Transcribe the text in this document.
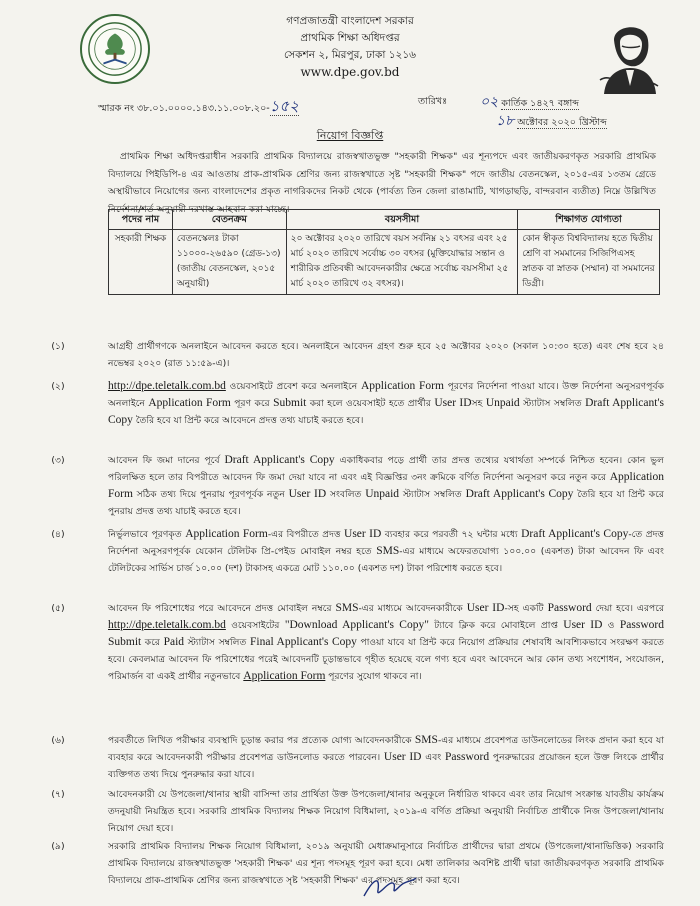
গণপ্রজাতন্ত্রী বাংলাদেশ সরকার
প্রাথমিক শিক্ষা অধিদপ্তর
সেকশন ২, মিরপুর, ঢাকা ১২১৬
www.dpe.gov.bd
স্মারক নং ৩৮.০১.০০০০.১৪৩.১১.০০৮.২০-১৫২	তারিখঃ ০২ কার্তিক ১৪২৭ বঙ্গাব্দ
১৮ অক্টোবর ২০২০ খ্রিস্টাব্দ
নিয়োগ বিজ্ঞপ্তি
প্রাথমিক শিক্ষা অধিদপ্তরাধীন সরকারি প্রাথমিক বিদ্যালয়ে রাজস্বখাতভুক্ত "সহকারী শিক্ষক" এর শূন্যপদে এবং জাতীয়করণকৃত সরকারি প্রাথমিক বিদ্যালয়ে পিইডিপি-৪ এর আওতায় প্রাক-প্রাথমিক শ্রেণির জন্য রাজস্বখাতে সৃষ্ট "সহকারী শিক্ষক" পদে জাতীয় বেতনস্কেল, ২০১৫-এর ১৩তম গ্রেডে অস্থায়ীভাবে নিয়োগের জন্য বাংলাদেশের প্রকৃত নাগরিকদের নিকট থেকে (পার্বত্য তিন জেলা রাঙামাটি, খাগড়াছড়ি, বান্দরবান ব্যতীত) নিম্নে উল্লিখিত নির্দেশনা/শর্ত অনুযায়ী দরখাস্ত আহবান করা যাচ্ছে।
পদের নাম	বেতনক্রম	বয়সসীমা	শিক্ষাগত যোগ্যতা
সহকারী শিক্ষক	বেতনস্কেলঃ টাকা ১১০০০-২৬৫৯০ (গ্রেড-১৩) (জাতীয় বেতনস্কেল, ২০১৫ অনুযায়ী)	২০ অক্টোবর ২০২০ তারিখে বয়স সর্বনিম্ন ২১ বৎসর এবং ২৫ মার্চ ২০২০ তারিখে সর্বোচ্চ ৩০ বৎসর (মুক্তিযোদ্ধার সন্তান ও শারীরিক প্রতিবন্ধী আবেদনকারীর ক্ষেত্রে সর্বোচ্চ বয়সসীমা ২৫ মার্চ ২০২০ তারিখে ৩২ বৎসর)।	কোন স্বীকৃত বিশ্ববিদ্যালয় হতে দ্বিতীয় শ্রেণি বা সমমানের সিজিপিএসহ স্নাতক বা স্নাতক (সম্মান) বা সমমানের ডিগ্রী।
(১)	আগ্রহী প্রার্থীগণকে অনলাইনে আবেদন করতে হবে। অনলাইনে আবেদন গ্রহণ শুরু হবে ২৫ অক্টোবর ২০২০ (সকাল ১০:৩০ হতে) এবং শেষ হবে ২৪ নভেম্বর ২০২০ (রাত ১১:৫৯-এ)।
(২)	http://dpe.teletalk.com.bd ওয়েবসাইটে প্রবেশ করে অনলাইনে Application Form পূরণের নির্দেশনা পাওয়া যাবে। উক্ত নির্দেশনা অনুসরণপূর্বক অনলাইনে Application Form পূরণ করে Submit করা হলে ওয়েবসাইট হতে প্রার্থীর User IDসহ Unpaid স্ট্যাটাস সম্বলিত Draft Applicant's Copy তৈরি হবে যা প্রিন্ট করে আবেদনে প্রদত্ত তথ্য যাচাই করতে হবে।
(৩)	আবেদন ফি জমা দানের পূর্বে Draft Applicant's Copy একাধিকবার পড়ে প্রার্থী তার প্রদত্ত তথ্যের যথার্থতা সম্পর্কে নিশ্চিত হবেন। কোন ভুল পরিলক্ষিত হলে তার বিপরীতে আবেদন ফি জমা দেয়া যাবে না এবং এই বিজ্ঞপ্তির ৩নং ক্রমিকে বর্ণিত নির্দেশনা অনুসরণ করে নতুন করে Application Form সঠিক তথ্য দিয়ে পুনরায় পূরণপূর্বক নতুন User ID সংবলিত Unpaid স্ট্যাটাস সম্বলিত Draft Applicant's Copy তৈরি হবে যা প্রিন্ট করে পুনরায় প্রদত্ত তথ্য যাচাই করতে হবে।
(৪)	নির্ভুলভাবে পূরণকৃত Application Form-এর বিপরীতে প্রদত্ত User ID ব্যবহার করে পরবর্তী ৭২ ঘন্টার মধ্যে Draft Applicant's Copy-তে প্রদত্ত নির্দেশনা অনুসরণপূর্বক যেকোন টেলিটক প্রি-পেইড মোবাইল নম্বর হতে SMS-এর মাধ্যমে অফেরতযোগ্য ১০০.০০ (একশত) টাকা আবেদন ফি এবং টেলিটকের সার্ভিস চার্জ ১০.০০ (দশ) টাকাসহ একত্রে মোট ১১০.০০ (একশত দশ) টাকা পরিশোধ করতে হবে।
(৫)	আবেদন ফি পরিশোধের পরে আবেদনে প্রদত্ত মোবাইল নম্বরে SMS-এর মাধ্যমে আবেদনকারীকে User ID-সহ একটি Password দেয়া হবে। এরপরে http://dpe.teletalk.com.bd ওয়েবসাইটের "Download Applicant's Copy" ট্যাবে ক্লিক করে মোবাইলে প্রাপ্ত User ID ও Password Submit করে Paid স্ট্যাটাস সম্বলিত Final Applicant's Copy পাওয়া যাবে যা প্রিন্ট করে নিয়োগ প্রক্রিয়ার শেষাবধি আবশ্যিকভাবে সংরক্ষণ করতে হবে। কেবলমাত্র আবেদন ফি পরিশোধের পরেই আবেদনটি চূড়ান্তভাবে গৃহীত হয়েছে বলে গণ্য হবে এবং আবেদনে আর কোন তথ্য সংশোধন, সংযোজন, পরিমার্জন বা একই প্রার্থীর নতুনভাবে Application Form পূরণের সুযোগ থাকবে না।
(৬)	পরবর্তীতে লিখিত পরীক্ষার ব্যবস্থাদি চূড়ান্ত করার পর প্রত্যেক যোগ্য আবেদনকারীকে SMS-এর মাধ্যমে প্রবেশপত্র ডাউনলোডের লিংক প্রদান করা হবে যা ব্যবহার করে আবেদনকারী পরীক্ষার প্রবেশপত্র ডাউনলোড করতে পারবেন। User ID এবং Password পুনরুদ্ধারের প্রয়োজন হলে উক্ত লিংকে প্রার্থীর ব্যক্তিগত তথ্য দিয়ে পুনরুদ্ধার করা যাবে।
(৭)	আবেদনকারী যে উপজেলা/থানার স্থায়ী বাসিন্দা তার প্রার্থিতা উক্ত উপজেলা/থানার অনুকূলে নির্ধারিত থাকবে এবং তার নিয়োগ সংক্রান্ত যাবতীয় কার্যক্রম তদনুযায়ী নিয়ন্ত্রিত হবে। সরকারি প্রাথমিক বিদ্যালয় শিক্ষক নিয়োগ বিধিমালা, ২০১৯-এ বর্ণিত প্রক্রিয়া অনুযায়ী নির্বাচিত প্রার্থীকে নিজ উপজেলা/থানায় নিয়োগ দেয়া হবে।
(৯)	সরকারি প্রাথমিক বিদ্যালয় শিক্ষক নিয়োগ বিধিমালা, ২০১৯ অনুযায়ী মেধাক্রমানুসারে নির্বাচিত প্রার্থীদের দ্বারা প্রথমে (উপজেলা/থানাভিত্তিক) সরকারি প্রাথমিক বিদ্যালয়ে রাজস্বখাতভুক্ত 'সহকারী শিক্ষক' এর শূন্য পদসমূহ পূরণ করা হবে। মেধা তালিকার অবশিষ্ট প্রার্থী দ্বারা জাতীয়করণকৃত সরকারি প্রাথমিক বিদ্যালয়ে প্রাক-প্রাথমিক শ্রেণির জন্য রাজস্বখাতে সৃষ্ট 'সহকারী শিক্ষক' এর পদসমূহ পূরণ করা হবে।
